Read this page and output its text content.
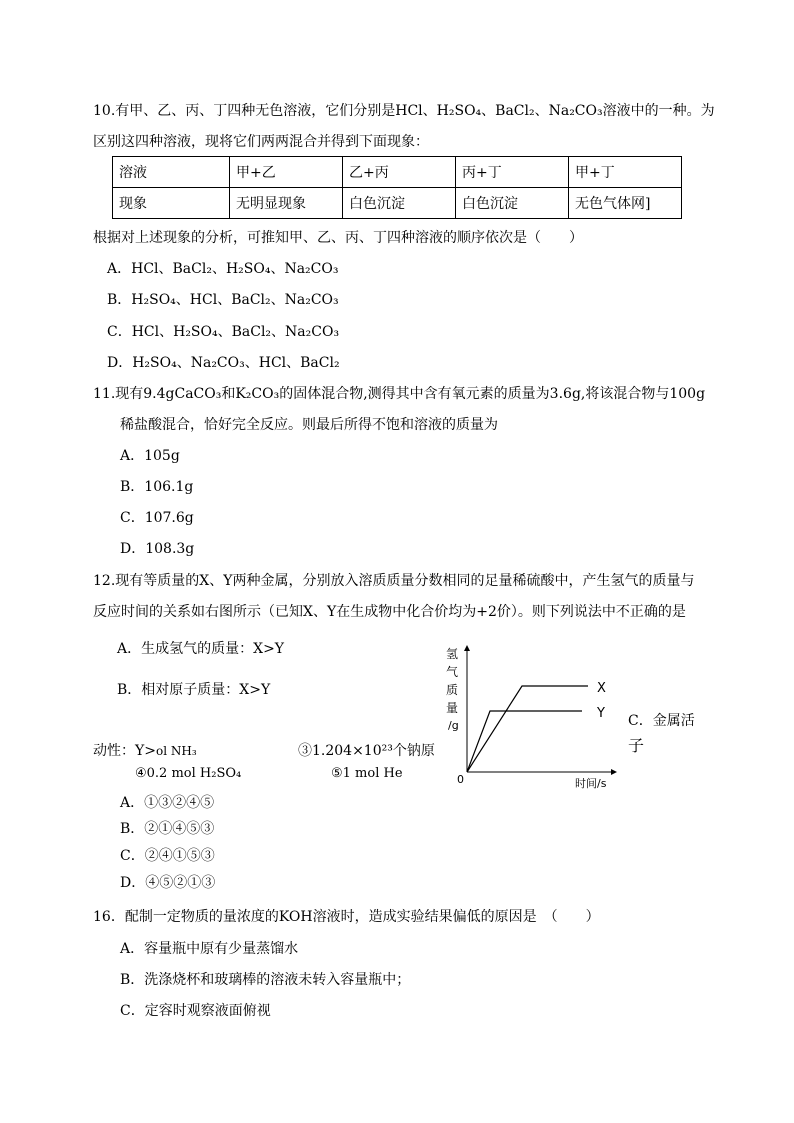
10.有甲、乙、丙、丁四种无色溶液，它们分别是HCl、H₂SO₄、BaCl₂、Na₂CO₃溶液中的一种。为
区别这四种溶液，现将它们两两混合并得到下面现象：
溶液	甲+乙	乙+丙	丙+丁	甲+丁
现象	无明显现象	白色沉淀	白色沉淀	无色气体网]
根据对上述现象的分析，可推知甲、乙、丙、丁四种溶液的顺序依次是（　　）
A．HCl、BaCl₂、H₂SO₄、Na₂CO₃
B．H₂SO₄、HCl、BaCl₂、Na₂CO₃
C．HCl、H₂SO₄、BaCl₂、Na₂CO₃
D．H₂SO₄、Na₂CO₃、HCl、BaCl₂
11.现有9.4gCaCO₃和K₂CO₃的固体混合物,测得其中含有氧元素的质量为3.6g,将该混合物与100g
稀盐酸混合，恰好完全反应。则最后所得不饱和溶液的质量为
A．105g
B．106.1g
C．107.6g
D．108.3g
12.现有等质量的X、Y两种金属，分别放入溶质质量分数相同的足量稀硫酸中，产生氢气的质量与
反应时间的关系如右图所示（已知X、Y在生成物中化合价均为+2价）。则下列说法中不正确的是
A．生成氢气的质量：X>Y
B．相对原子质量：X>Y
C．金属活
子
动性：Y>ol NH₃	③1.204×10²³个钠原
④0.2 mol H₂SO₄	⑤1 mol He
氢
气
质
量
/g
0	时间/s
X
Y
A．①③②④⑤
B．②①④⑤③
C．②④①⑤③
D．④⑤②①③
16．配制一定物质的量浓度的KOH溶液时，造成实验结果偏低的原因是　（　　）
A．容量瓶中原有少量蒸馏水
B．洗涤烧杯和玻璃棒的溶液未转入容量瓶中；
C．定容时观察液面俯视
